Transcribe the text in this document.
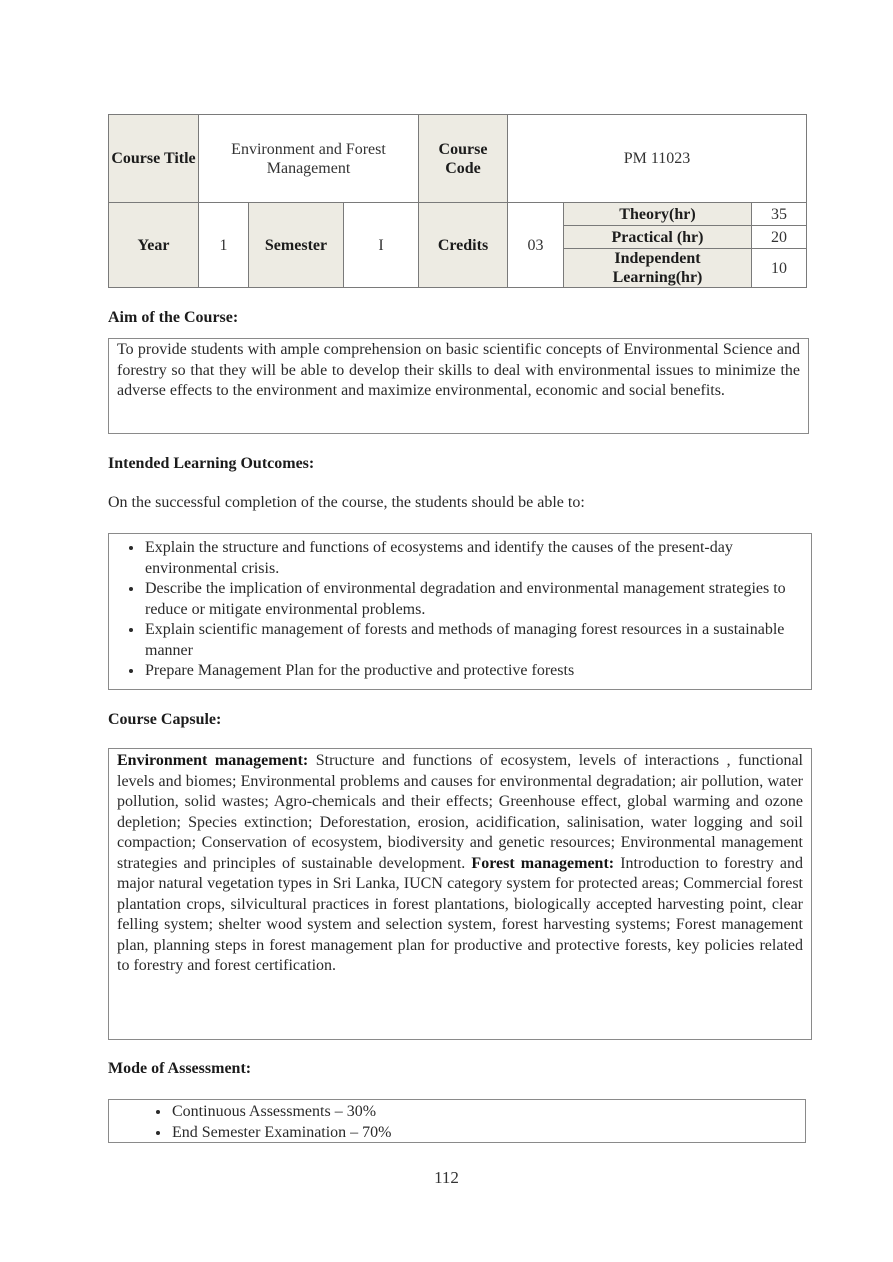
Course Title	Environment and Forest Management			Course Code	PM 11023		
Year	1	Semester	I	Credits	03	Theory(hr)	35
						Practical (hr)	20
						Independent Learning(hr)	10
Aim of the Course:
To provide students with ample comprehension on basic scientific concepts of Environmental Science and forestry so that they will be able to develop their skills to deal with environmental issues to minimize the adverse effects to the environment and maximize environmental, economic and social benefits.
Intended Learning Outcomes:
On the successful completion of the course, the students should be able to:
• Explain the structure and functions of ecosystems and identify the causes of the present-day environmental crisis.
• Describe the implication of environmental degradation and environmental management strategies to reduce or mitigate environmental problems.
• Explain scientific management of forests and methods of managing forest resources in a sustainable manner
• Prepare Management Plan for the productive and protective forests
Course Capsule:
Environment management: Structure and functions of ecosystem, levels of interactions , functional levels and biomes; Environmental problems and causes for environmental degradation; air pollution, water pollution, solid wastes; Agro-chemicals and their effects; Greenhouse effect, global warming and ozone depletion; Species extinction; Deforestation, erosion, acidification, salinisation, water logging and soil compaction; Conservation of ecosystem, biodiversity and genetic resources; Environmental management strategies and principles of sustainable development. Forest management: Introduction to forestry and major natural vegetation types in Sri Lanka, IUCN category system for protected areas; Commercial forest plantation crops, silvicultural practices in forest plantations, biologically accepted harvesting point, clear felling system; shelter wood system and selection system, forest harvesting systems; Forest management plan, planning steps in forest management plan for productive and protective forests, key policies related to forestry and forest certification.
Mode of Assessment:
• Continuous Assessments – 30%
• End Semester Examination – 70%
112
